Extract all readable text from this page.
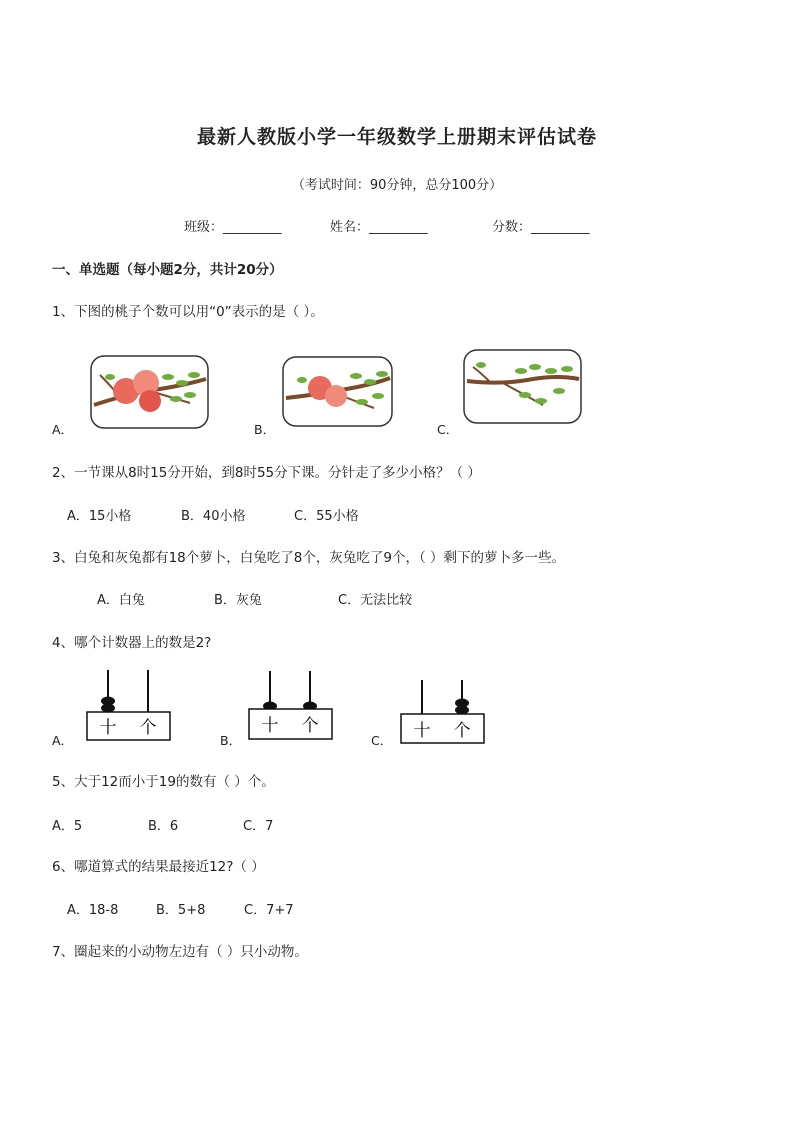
最新人教版小学一年级数学上册期末评估试卷
（考试时间：90分钟，总分100分）
班级：_________	姓名：_________	分数：_________
一、单选题（每小题2分，共计20分）
1、下图的桃子个数可以用“0”表示的是（ ）。
A．	B．	C．
2、一节课从8时15分开始，到8时55分下课。分针走了多少小格？（ ）
A．15小格	B．40小格	C．55小格
3、白兔和灰兔都有18个萝卜，白兔吃了8个，灰兔吃了9个，（ ）剩下的萝卜多一些。
A．白兔	B．灰兔	C．无法比较
4、哪个计数器上的数是2?
A．	B．	C．
十 个	十 个	十 个
5、大于12而小于19的数有（ ）个。
A．5	B．6	C．7
6、哪道算式的结果最接近12?（ ）
A．18-8	B．5+8	C．7+7
7、圈起来的小动物左边有（ ）只小动物。
